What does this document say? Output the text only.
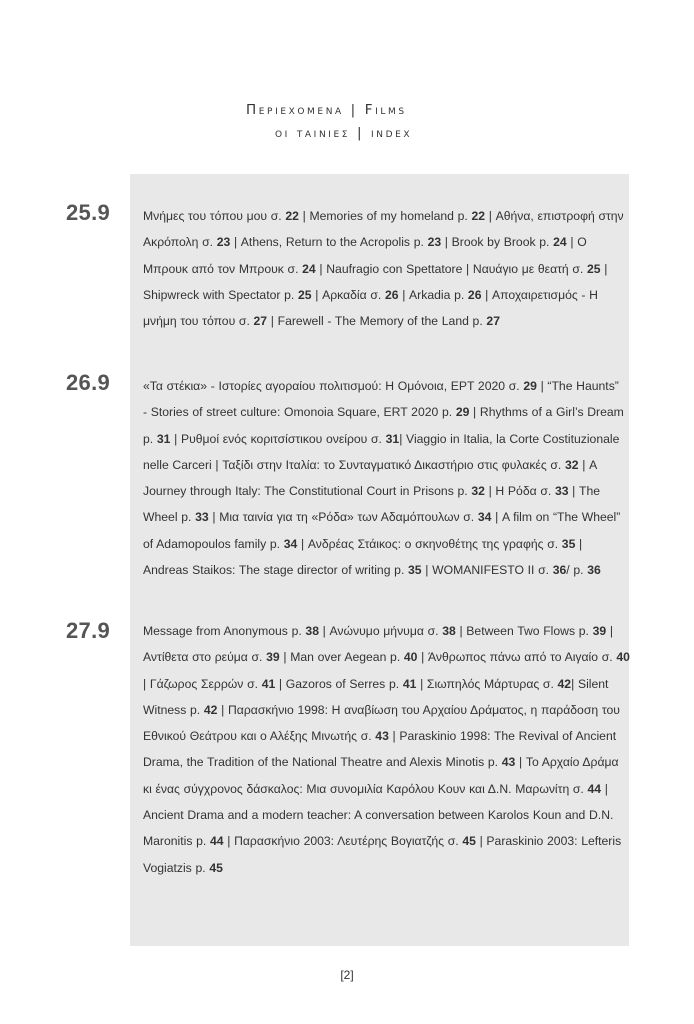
Περιεχομενα | Films
οι ταινιες | index
25.9	Μνήμες του τόπου μου σ. 22 | Memories of my homeland p. 22 | Αθήνα, επιστροφή στην
Ακρόπολη σ. 23 | Athens, Return to the Acropolis p. 23 | Brook by Brook p. 24 | Ο
Μπρουκ από τον Μπρουκ σ. 24 | Naufragio con Spettatore | Ναυάγιο με θεατή σ. 25 |
Shipwreck with Spectator p. 25 | Αρκαδία σ. 26 | Arkadia p. 26 | Αποχαιρετισμός - Η
μνήμη του τόπου σ. 27 | Farewell - The Memory of the Land p. 27
26.9	«Τα στέκια» - Ιστορίες αγοραίου πολιτισμού: Η Ομόνοια, ΕΡΤ 2020 σ. 29 | “The Haunts”
- Stories of street culture: Omonoia Square, ERT 2020 p. 29 | Rhythms of a Girl’s Dream
p. 31 | Ρυθμοί ενός κοριτσίστικου ονείρου σ. 31| Viaggio in Italia, la Corte Costituzionale
nelle Carceri | Ταξίδι στην Ιταλία: το Συνταγματικό Δικαστήριο στις φυλακές σ. 32 | A
Journey through Italy: The Constitutional Court in Prisons p. 32 | Η Ρόδα σ. 33 | The
Wheel p. 33 | Μια ταινία για τη «Ρόδα» των Αδαμόπουλων σ. 34 | A film on “The Wheel”
of Adamopoulos family p. 34 | Ανδρέας Στάικος: ο σκηνοθέτης της γραφής σ. 35 |
Andreas Staikos: The stage director of writing p. 35 | WOMANIFESTO II σ. 36/ p. 36
27.9	Message from Anonymous p. 38 | Ανώνυμο μήνυμα σ. 38 | Between Two Flows p. 39 |
Αντίθετα στο ρεύμα σ. 39 | Man over Aegean p. 40 | Άνθρωπος πάνω από το Αιγαίο σ. 40
| Γάζωρος Σερρών σ. 41 | Gazoros of Serres p. 41 | Σιωπηλός Μάρτυρας σ. 42| Silent
Witness p. 42 | Παρασκήνιο 1998: Η αναβίωση του Αρχαίου Δράματος, η παράδοση του
Εθνικού Θεάτρου και ο Αλέξης Μινωτής σ. 43 | Paraskinio 1998: The Revival of Ancient
Drama, the Tradition of the National Theatre and Alexis Minotis p. 43 | Το Αρχαίο Δράμα
κι ένας σύγχρονος δάσκαλος: Μια συνομιλία Καρόλου Κουν και Δ.Ν. Μαρωνίτη σ. 44 |
Ancient Drama and a modern teacher: A conversation between Karolos Koun and D.N.
Maronitis p. 44 | Παρασκήνιο 2003: Λευτέρης Βογιατζής σ. 45 | Paraskinio 2003: Lefteris
Vogiatzis p. 45
[2]
